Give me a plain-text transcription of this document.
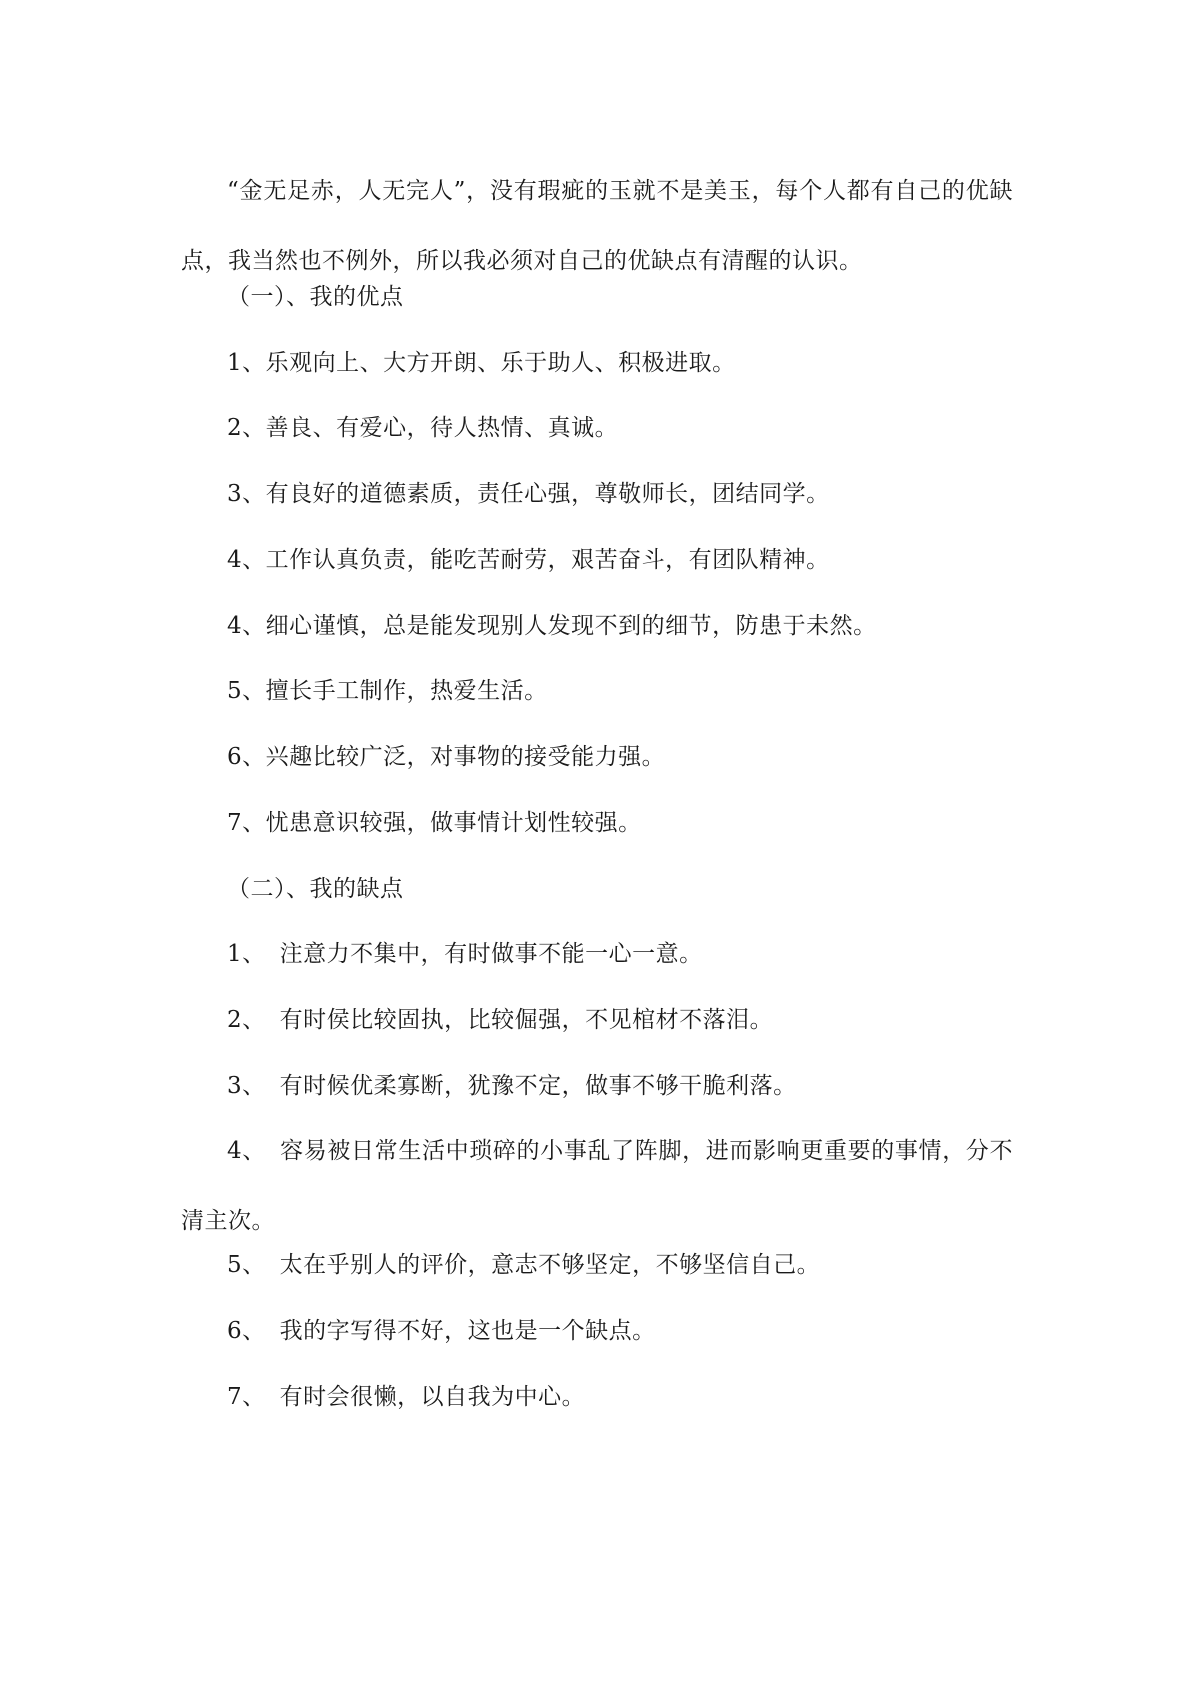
“金无足赤，人无完人”，没有瑕疵的玉就不是美玉，每个人都有自己的优缺点，我当然也不例外，所以我必须对自己的优缺点有清醒的认识。

（一）、我的优点

1、乐观向上、大方开朗、乐于助人、积极进取。

2、善良、有爱心，待人热情、真诚。

3、有良好的道德素质，责任心强，尊敬师长，团结同学。

4、工作认真负责，能吃苦耐劳，艰苦奋斗，有团队精神。

4、细心谨慎，总是能发现别人发现不到的细节，防患于未然。

5、擅长手工制作，热爱生活。

6、兴趣比较广泛，对事物的接受能力强。

7、忧患意识较强，做事情计划性较强。

（二）、我的缺点

1、 注意力不集中，有时做事不能一心一意。

2、 有时侯比较固执，比较倔强，不见棺材不落泪。

3、 有时候优柔寡断，犹豫不定，做事不够干脆利落。

4、 容易被日常生活中琐碎的小事乱了阵脚，进而影响更重要的事情，分不清主次。

5、 太在乎别人的评价，意志不够坚定，不够坚信自己。

6、 我的字写得不好，这也是一个缺点。

7、 有时会很懒，以自我为中心。
